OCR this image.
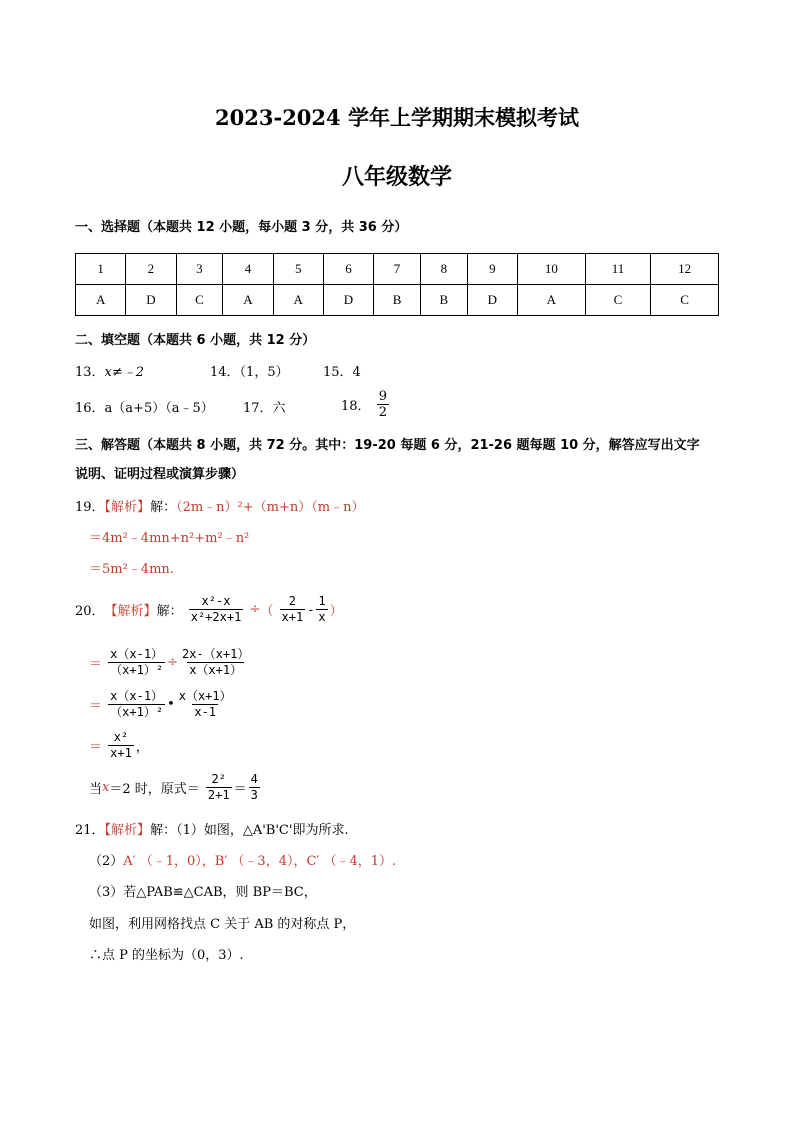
2023-2024 学年上学期期末模拟考试
八年级数学
一、选择题（本题共 12 小题，每小题 3 分，共 36 分）
1	2	3	4	5	6	7	8	9	10	11	12
A	D	C	A	A	D	B	B	D	A	C	C
二、填空题（本题共 6 小题，共 12 分）
13．x≠﹣2	14．（1，5）	15．4
16．a（a+5）（a﹣5） 17．六	18． $\frac{9}{2}$
三、解答题（本题共 8 小题，共 72 分。其中：19-20 每题 6 分，21-26 题每题 10 分，解答应写出文字
说明、证明过程或演算步骤）
19．【解析】解：（2m﹣n）²+（m+n）（m﹣n）
＝4m²﹣4mn+n²+m²﹣n²
＝5m²﹣4mn.
20．【解析】解： $\frac{\text{x²-x}}{\text{x²+2x+1}}$ ÷（ $\frac{2}{x+1} - \frac{1}{x}$ ）
＝ $\frac{x(x-1)}{\text{（x+1）²}} \div \frac{2x-(x+1)}{x(x+1)}$
＝ $\frac{x(x-1)}{\text{（x+1）²}}$ • $\frac{x(x+1)}{x-1}$
＝ $\frac{\text{x²}}{x+1}$ ，
当x＝2 时，原式＝ $\frac{\text{2²}}{2+1} = \frac{4}{3}$
21．【解析】解：（1）如图，△A'B'C'即为所求.
（2）A′ （﹣1，0），B′ （﹣3，4），C′ （﹣4，1）.
（3）若△PAB≌△CAB，则 BP＝BC，
如图，利用网格找点 C 关于 AB 的对称点 P，
∴点 P 的坐标为（0，3）.
